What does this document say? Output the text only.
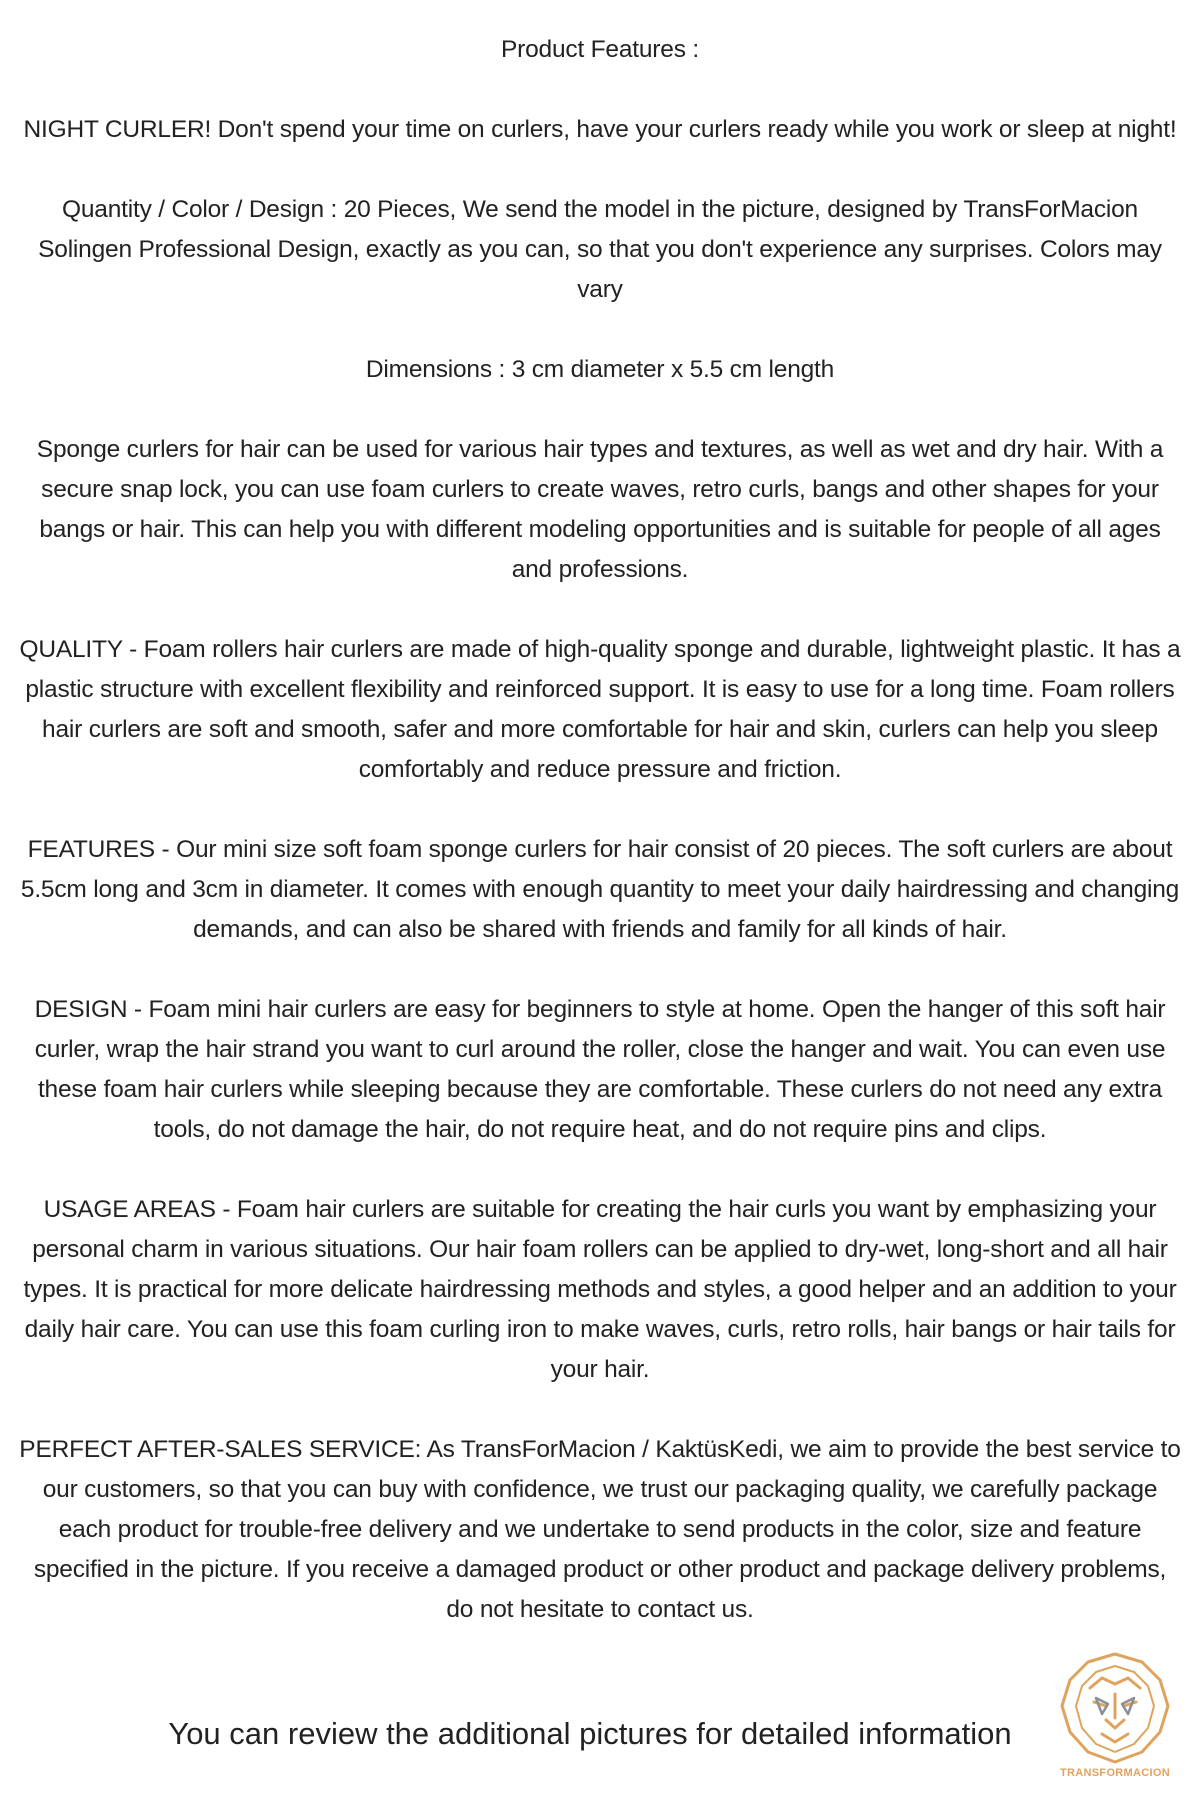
Product Features :

NIGHT CURLER! Don't spend your time on curlers, have your curlers ready while you work or sleep at night!

Quantity / Color / Design : 20 Pieces, We send the model in the picture, designed by TransForMacion Solingen Professional Design, exactly as you can, so that you don't experience any surprises. Colors may vary

Dimensions : 3 cm diameter x 5.5 cm length

Sponge curlers for hair can be used for various hair types and textures, as well as wet and dry hair. With a secure snap lock, you can use foam curlers to create waves, retro curls, bangs and other shapes for your bangs or hair. This can help you with different modeling opportunities and is suitable for people of all ages and professions.

QUALITY - Foam rollers hair curlers are made of high-quality sponge and durable, lightweight plastic. It has a plastic structure with excellent flexibility and reinforced support. It is easy to use for a long time. Foam rollers hair curlers are soft and smooth, safer and more comfortable for hair and skin, curlers can help you sleep comfortably and reduce pressure and friction.

FEATURES - Our mini size soft foam sponge curlers for hair consist of 20 pieces. The soft curlers are about 5.5cm long and 3cm in diameter. It comes with enough quantity to meet your daily hairdressing and changing demands, and can also be shared with friends and family for all kinds of hair.

DESIGN - Foam mini hair curlers are easy for beginners to style at home. Open the hanger of this soft hair curler, wrap the hair strand you want to curl around the roller, close the hanger and wait. You can even use these foam hair curlers while sleeping because they are comfortable. These curlers do not need any extra tools, do not damage the hair, do not require heat, and do not require pins and clips.

USAGE AREAS - Foam hair curlers are suitable for creating the hair curls you want by emphasizing your personal charm in various situations. Our hair foam rollers can be applied to dry-wet, long-short and all hair types. It is practical for more delicate hairdressing methods and styles, a good helper and an addition to your daily hair care. You can use this foam curling iron to make waves, curls, retro rolls, hair bangs or hair tails for your hair.

PERFECT AFTER-SALES SERVICE: As TransForMacion / KaktüsKedi, we aim to provide the best service to our customers, so that you can buy with confidence, we trust our packaging quality, we carefully package each product for trouble-free delivery and we undertake to send products in the color, size and feature specified in the picture. If you receive a damaged product or other product and package delivery problems, do not hesitate to contact us.

You can review the additional pictures for detailed information
TRANSFORMACION
